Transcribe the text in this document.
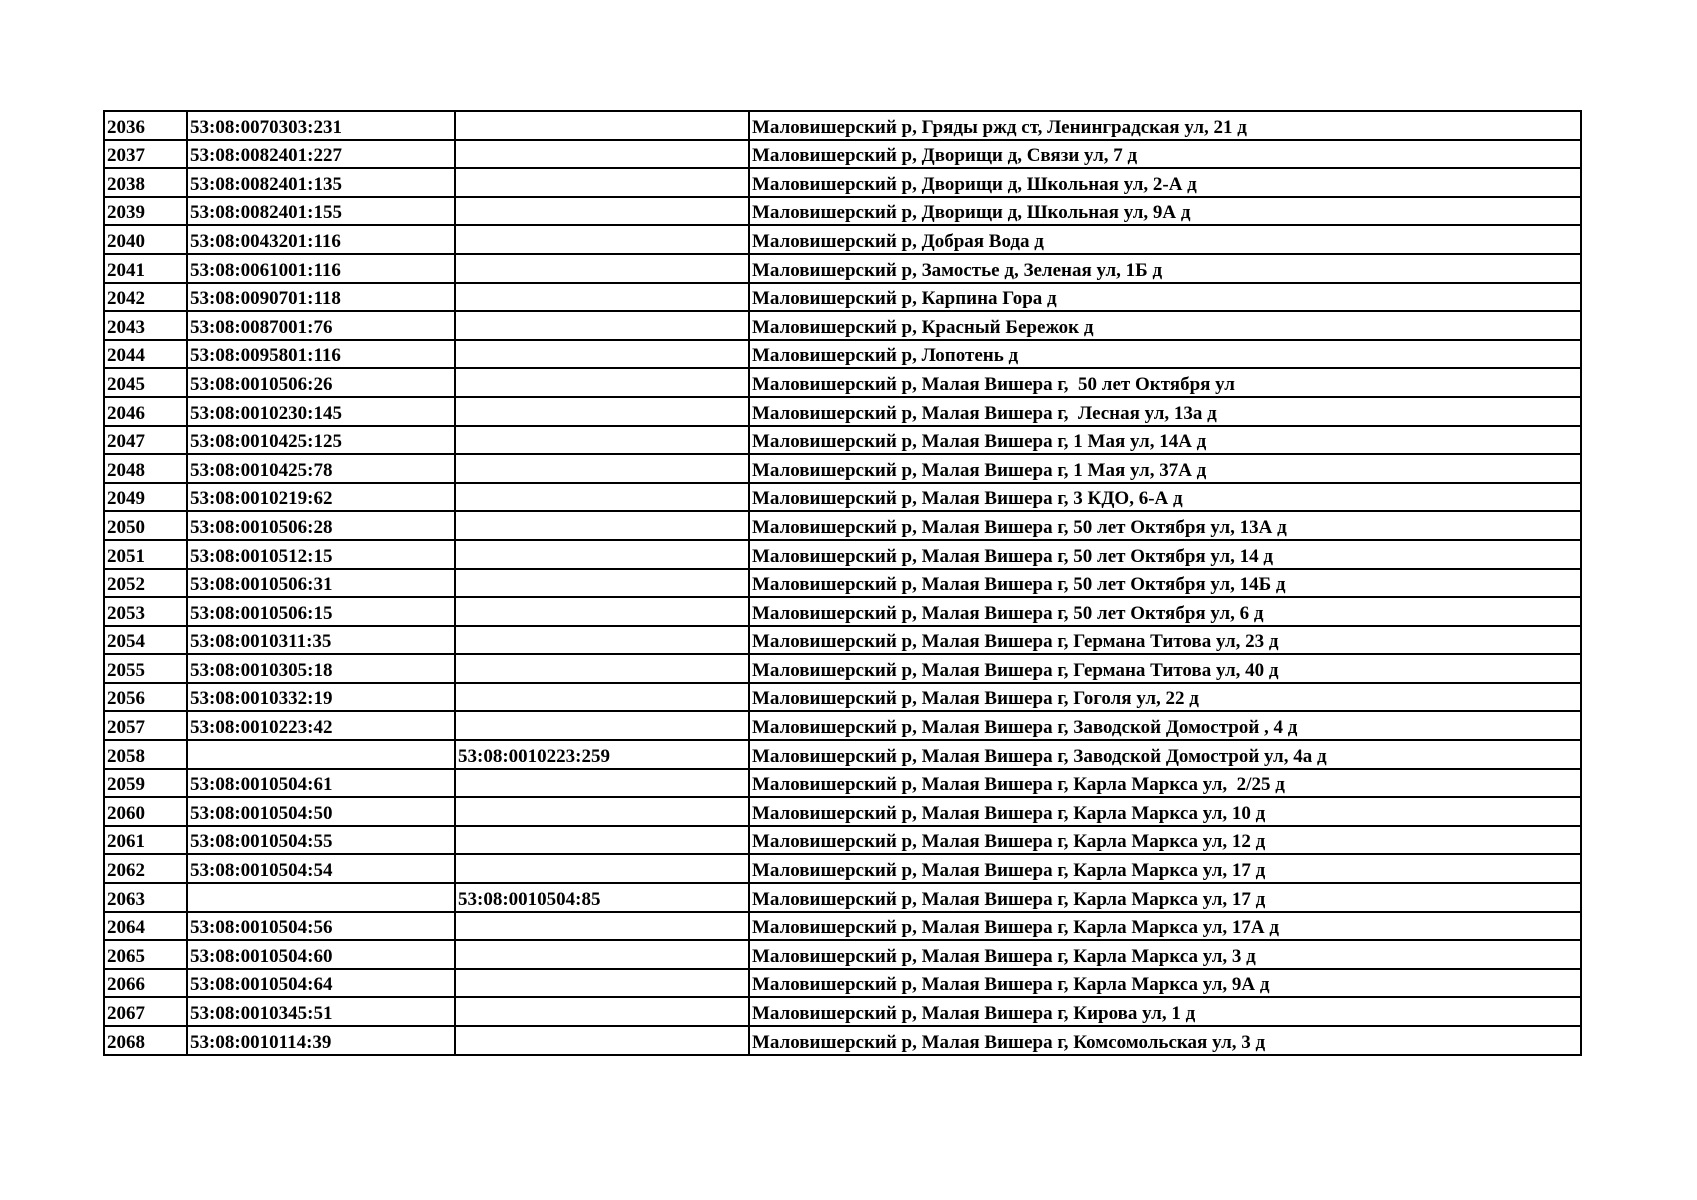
2036	53:08:0070303:231		Маловишерский р, Гряды ржд ст, Ленинградская ул, 21 д
2037	53:08:0082401:227		Маловишерский р, Дворищи д, Связи ул, 7 д
2038	53:08:0082401:135		Маловишерский р, Дворищи д, Школьная ул, 2-А д
2039	53:08:0082401:155		Маловишерский р, Дворищи д, Школьная ул, 9А д
2040	53:08:0043201:116		Маловишерский р, Добрая Вода д
2041	53:08:0061001:116		Маловишерский р, Замостье д, Зеленая ул, 1Б д
2042	53:08:0090701:118		Маловишерский р, Карпина Гора д
2043	53:08:0087001:76		Маловишерский р, Красный Бережок д
2044	53:08:0095801:116		Маловишерский р, Лопотень д
2045	53:08:0010506:26		Маловишерский р, Малая Вишера г,  50 лет Октября ул
2046	53:08:0010230:145		Маловишерский р, Малая Вишера г,  Лесная ул, 13а д
2047	53:08:0010425:125		Маловишерский р, Малая Вишера г, 1 Мая ул, 14А д
2048	53:08:0010425:78		Маловишерский р, Малая Вишера г, 1 Мая ул, 37А д
2049	53:08:0010219:62		Маловишерский р, Малая Вишера г, 3 КДО, 6-А д
2050	53:08:0010506:28		Маловишерский р, Малая Вишера г, 50 лет Октября ул, 13А д
2051	53:08:0010512:15		Маловишерский р, Малая Вишера г, 50 лет Октября ул, 14 д
2052	53:08:0010506:31		Маловишерский р, Малая Вишера г, 50 лет Октября ул, 14Б д
2053	53:08:0010506:15		Маловишерский р, Малая Вишера г, 50 лет Октября ул, 6 д
2054	53:08:0010311:35		Маловишерский р, Малая Вишера г, Германа Титова ул, 23 д
2055	53:08:0010305:18		Маловишерский р, Малая Вишера г, Германа Титова ул, 40 д
2056	53:08:0010332:19		Маловишерский р, Малая Вишера г, Гоголя ул, 22 д
2057	53:08:0010223:42		Маловишерский р, Малая Вишера г, Заводской Домострой , 4 д
2058		53:08:0010223:259	Маловишерский р, Малая Вишера г, Заводской Домострой ул, 4а д
2059	53:08:0010504:61		Маловишерский р, Малая Вишера г, Карла Маркса ул,  2/25 д
2060	53:08:0010504:50		Маловишерский р, Малая Вишера г, Карла Маркса ул, 10 д
2061	53:08:0010504:55		Маловишерский р, Малая Вишера г, Карла Маркса ул, 12 д
2062	53:08:0010504:54		Маловишерский р, Малая Вишера г, Карла Маркса ул, 17 д
2063		53:08:0010504:85	Маловишерский р, Малая Вишера г, Карла Маркса ул, 17 д
2064	53:08:0010504:56		Маловишерский р, Малая Вишера г, Карла Маркса ул, 17А д
2065	53:08:0010504:60		Маловишерский р, Малая Вишера г, Карла Маркса ул, 3 д
2066	53:08:0010504:64		Маловишерский р, Малая Вишера г, Карла Маркса ул, 9А д
2067	53:08:0010345:51		Маловишерский р, Малая Вишера г, Кирова ул, 1 д
2068	53:08:0010114:39		Маловишерский р, Малая Вишера г, Комсомольская ул, 3 д
